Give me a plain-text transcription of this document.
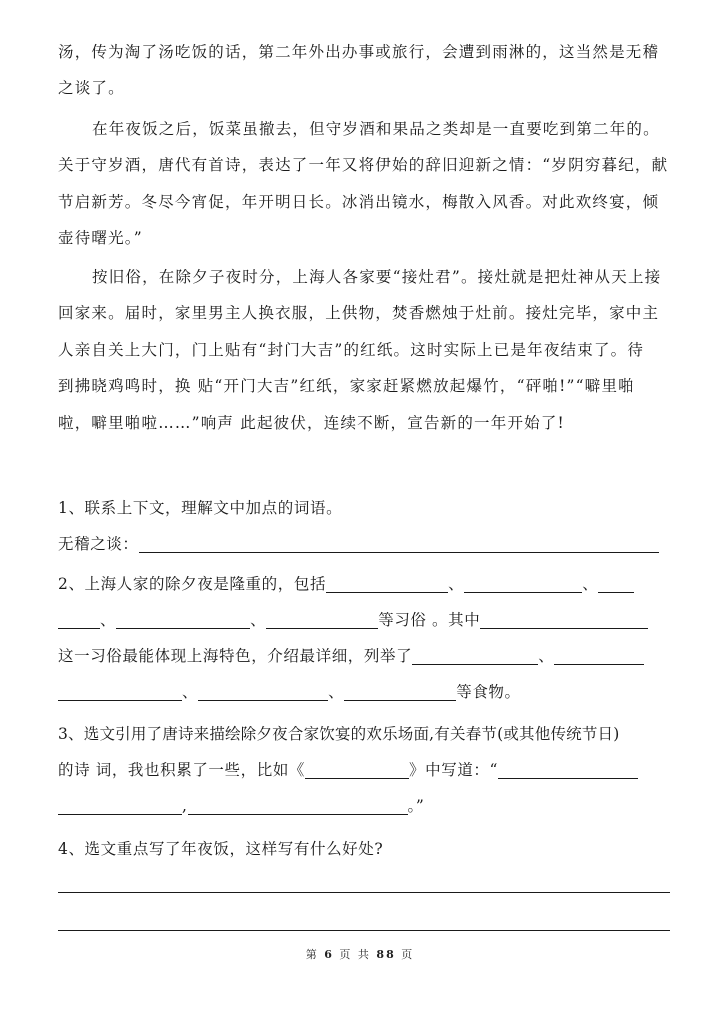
汤，传为淘了汤吃饭的话，第二年外出办事或旅行，会遭到雨淋的，这当然是无稽
之谈了。
在年夜饭之后，饭菜虽撤去，但守岁酒和果品之类却是一直要吃到第二年的。
关于守岁酒，唐代有首诗，表达了一年又将伊始的辞旧迎新之情：“岁阴穷暮纪，献
节启新芳。冬尽今宵促，年开明日长。冰消出镜水，梅散入风香。对此欢终宴，倾
壶待曙光。”
按旧俗，在除夕子夜时分，上海人各家要“接灶君”。接灶就是把灶神从天上接
回家来。届时，家里男主人换衣服，上供物，焚香燃烛于灶前。接灶完毕，家中主
人亲自关上大门，门上贴有“封门大吉”的红纸。这时实际上已是年夜结束了。待
到拂晓鸡鸣时，换 贴“开门大吉”红纸，家家赶紧燃放起爆竹，“砰啪!”“噼里啪
啦，噼里啪啦……”响声 此起彼伏，连续不断，宣告新的一年开始了!
1、联系上下文，理解文中加点的词语。
无稽之谈：
2、上海人家的除夕夜是隆重的，包括	、	、
、	、	等习俗 。其中
这一习俗最能体现上海特色，介绍最详细，列举了	、
、	、	等食物。
3、选文引用了唐诗来描绘除夕夜合家饮宴的欢乐场面,有关春节(或其他传统节日)
的诗 词，我也积累了一些，比如《	》中写道：“
,	。”
4、选文重点写了年夜饭，这样写有什么好处?
第 6 页 共 88 页
